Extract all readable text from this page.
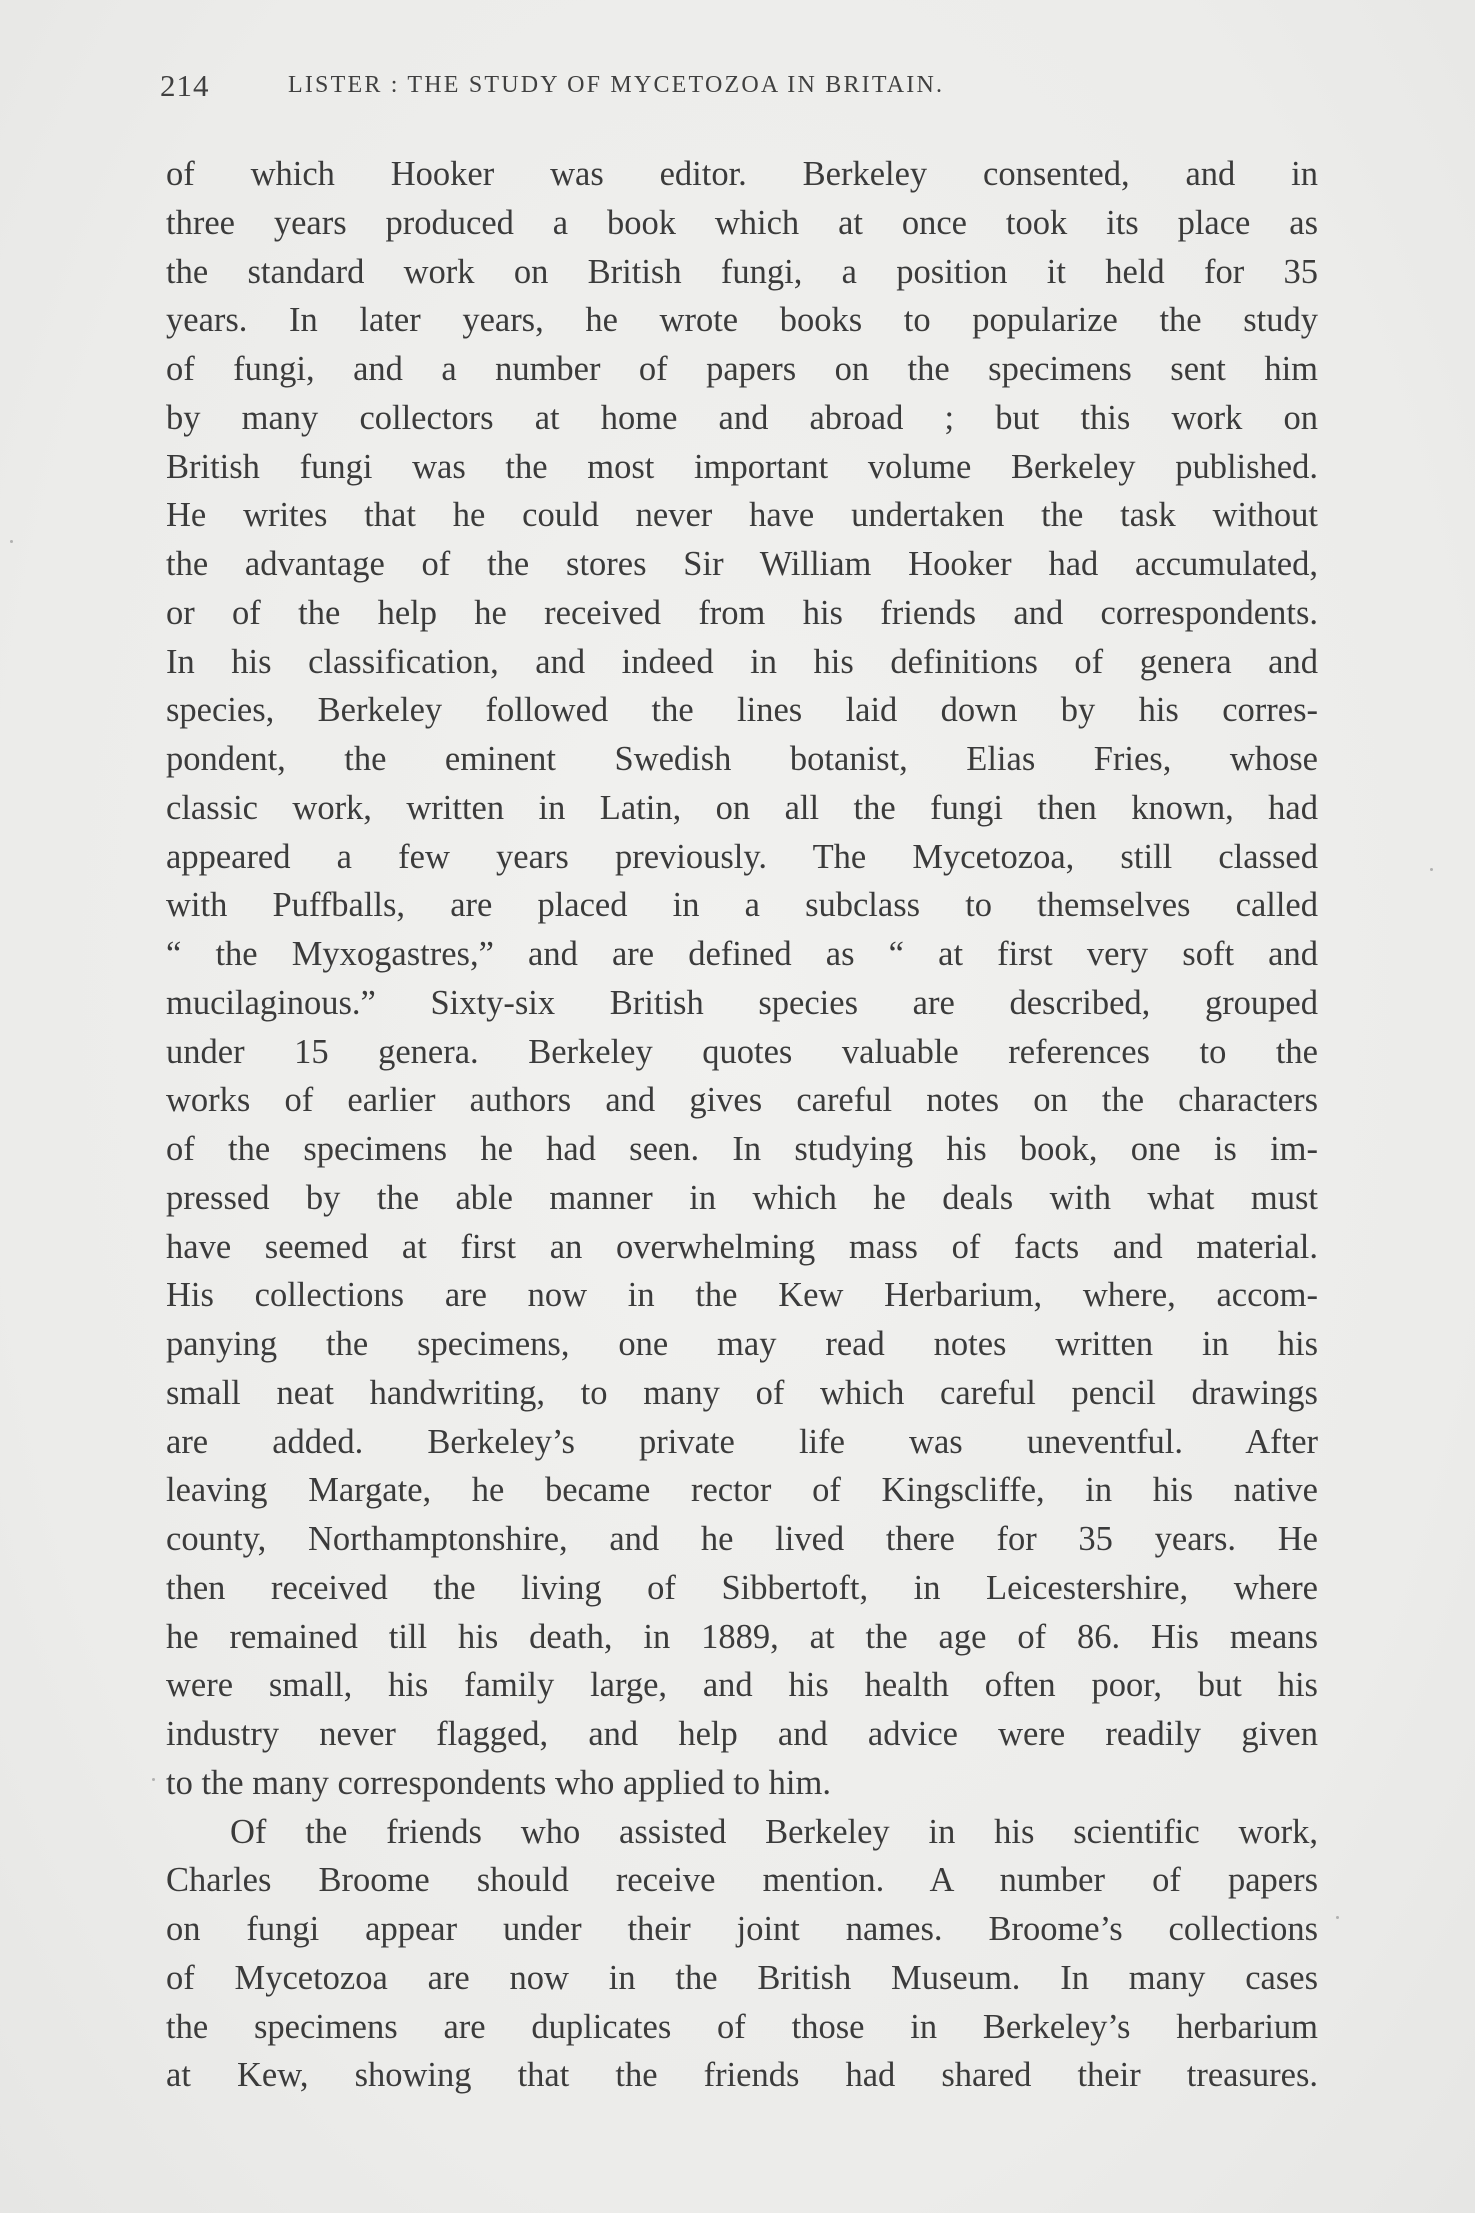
214	LISTER : THE STUDY OF MYCETOZOA IN BRITAIN.
of which Hooker was editor. Berkeley consented, and in
three years produced a book which at once took its place as
the standard work on British fungi, a position it held for 35
years. In later years, he wrote books to popularize the study
of fungi, and a number of papers on the specimens sent him
by many collectors at home and abroad ; but this work on
British fungi was the most important volume Berkeley published.
He writes that he could never have undertaken the task without
the advantage of the stores Sir William Hooker had accumulated,
or of the help he received from his friends and correspondents.
In his classification, and indeed in his definitions of genera and
species, Berkeley followed the lines laid down by his corres-
pondent, the eminent Swedish botanist, Elias Fries, whose
classic work, written in Latin, on all the fungi then known, had
appeared a few years previously. The Mycetozoa, still classed
with Puffballs, are placed in a subclass to themselves called
“ the Myxogastres,” and are defined as “ at first very soft and
mucilaginous.” Sixty-six British species are described, grouped
under 15 genera. Berkeley quotes valuable references to the
works of earlier authors and gives careful notes on the characters
of the specimens he had seen. In studying his book, one is im-
pressed by the able manner in which he deals with what must
have seemed at first an overwhelming mass of facts and material.
His collections are now in the Kew Herbarium, where, accom-
panying the specimens, one may read notes written in his
small neat handwriting, to many of which careful pencil drawings
are added. Berkeley’s private life was uneventful. After
leaving Margate, he became rector of Kingscliffe, in his native
county, Northamptonshire, and he lived there for 35 years. He
then received the living of Sibbertoft, in Leicestershire, where
he remained till his death, in 1889, at the age of 86. His means
were small, his family large, and his health often poor, but his
industry never flagged, and help and advice were readily given
to the many correspondents who applied to him.
Of the friends who assisted Berkeley in his scientific work,
Charles Broome should receive mention. A number of papers
on fungi appear under their joint names. Broome’s collections
of Mycetozoa are now in the British Museum. In many cases
the specimens are duplicates of those in Berkeley’s herbarium
at Kew, showing that the friends had shared their treasures.
